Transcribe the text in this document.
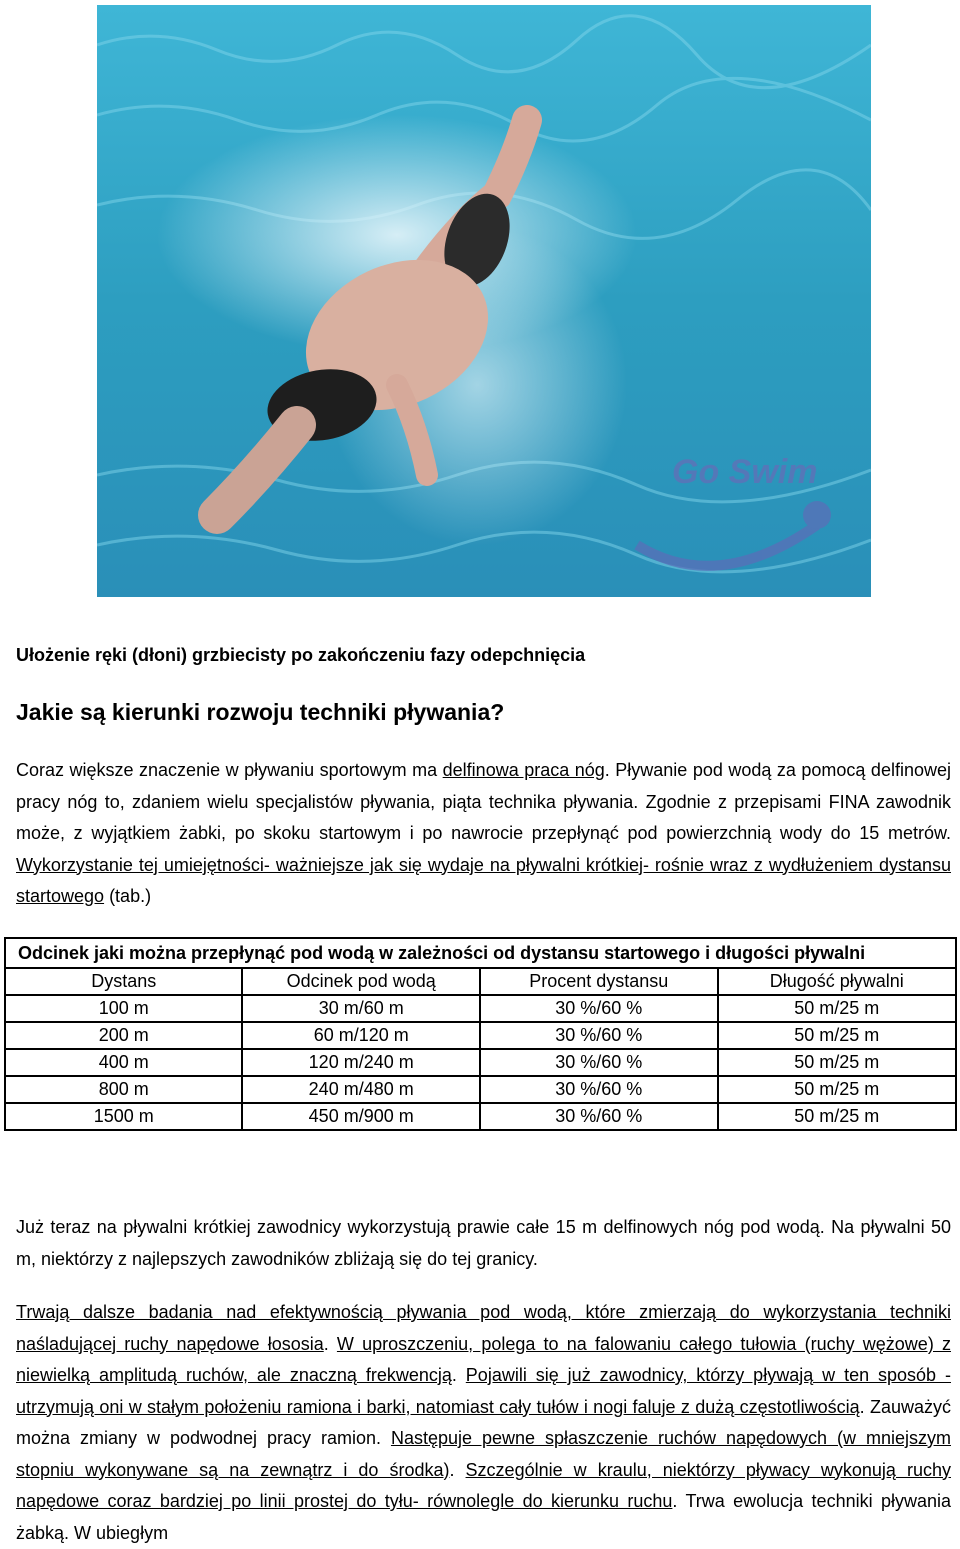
Go Swim
Ułożenie ręki (dłoni) grzbiecisty po zakończeniu fazy odepchnięcia
Jakie są kierunki rozwoju techniki pływania?

Coraz większe znaczenie w pływaniu sportowym ma delfinowa praca nóg. Pływanie pod wodą za pomocą delfinowej pracy nóg to, zdaniem wielu specjalistów pływania, piąta technika pływania. Zgodnie z przepisami FINA zawodnik może, z wyjątkiem żabki, po skoku startowym i po nawrocie przepłynąć pod powierzchnią wody do 15 metrów. Wykorzystanie tej umiejętności- ważniejsze jak się wydaje na pływalni krótkiej- rośnie wraz z wydłużeniem dystansu startowego (tab.)

Odcinek jaki można przepłynąć pod wodą w zależności od dystansu startowego i długości pływalni			
Dystans	Odcinek pod wodą	Procent dystansu	Długość pływalni
100 m	30 m/60 m	30 %/60 %	50 m/25 m
200 m	60 m/120 m	30 %/60 %	50 m/25 m
400 m	120 m/240 m	30 %/60 %	50 m/25 m
800 m	240 m/480 m	30 %/60 %	50 m/25 m
1500 m	450 m/900 m	30 %/60 %	50 m/25 m

Już teraz na pływalni krótkiej zawodnicy wykorzystują prawie całe 15 m delfinowych nóg pod wodą. Na pływalni 50 m, niektórzy z najlepszych zawodników zbliżają się do tej granicy.

Trwają dalsze badania nad efektywnością pływania pod wodą, które zmierzają do wykorzystania techniki naśladującej ruchy napędowe łososia. W uproszczeniu, polega to na falowaniu całego tułowia (ruchy wężowe) z niewielką amplitudą ruchów, ale znaczną frekwencją. Pojawili się już zawodnicy, którzy pływają w ten sposób - utrzymują oni w stałym położeniu ramiona i barki, natomiast cały tułów i nogi faluje z dużą częstotliwością. Zauważyć można zmiany w podwodnej pracy ramion. Następuje pewne spłaszczenie ruchów napędowych (w mniejszym stopniu wykonywane są na zewnątrz i do środka). Szczególnie w kraulu, niektórzy pływacy wykonują ruchy napędowe coraz bardziej po linii prostej do tyłu- równolegle do kierunku ruchu. Trwa ewolucja techniki pływania żabką. W ubiegłym
